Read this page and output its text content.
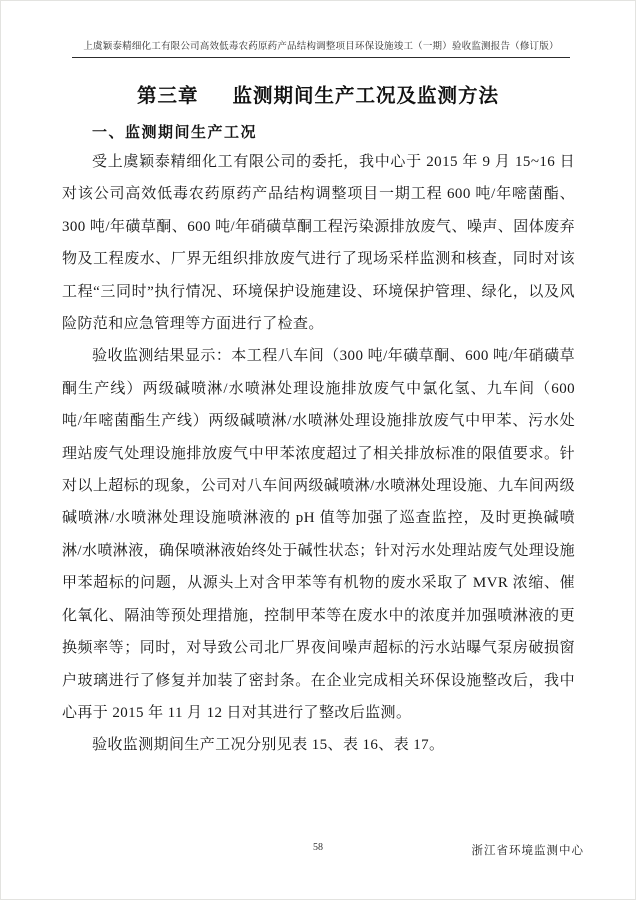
上虞颖泰精细化工有限公司高效低毒农药原药产品结构调整项目环保设施竣工（一期）验收监测报告（修订版）
第三章 监测期间生产工况及监测方法
一、监测期间生产工况

受上虞颖泰精细化工有限公司的委托，我中心于 2015 年 9 月 15~16 日对该公司高效低毒农药原药产品结构调整项目一期工程 600 吨/年嘧菌酯、300 吨/年磺草酮、600 吨/年硝磺草酮工程污染源排放废气、噪声、固体废弃物及工程废水、厂界无组织排放废气进行了现场采样监测和核查，同时对该工程“三同时”执行情况、环境保护设施建设、环境保护管理、绿化，以及风险防范和应急管理等方面进行了检查。

验收监测结果显示：本工程八车间（300 吨/年磺草酮、600 吨/年硝磺草酮生产线）两级碱喷淋/水喷淋处理设施排放废气中氯化氢、九车间（600 吨/年嘧菌酯生产线）两级碱喷淋/水喷淋处理设施排放废气中甲苯、污水处理站废气处理设施排放废气中甲苯浓度超过了相关排放标准的限值要求。针对以上超标的现象，公司对八车间两级碱喷淋/水喷淋处理设施、九车间两级碱喷淋/水喷淋处理设施喷淋液的 pH 值等加强了巡查监控，及时更换碱喷淋/水喷淋液，确保喷淋液始终处于碱性状态；针对污水处理站废气处理设施甲苯超标的问题，从源头上对含甲苯等有机物的废水采取了 MVR 浓缩、催化氧化、隔油等预处理措施，控制甲苯等在废水中的浓度并加强喷淋液的更换频率等；同时，对导致公司北厂界夜间噪声超标的污水站曝气泵房破损窗户玻璃进行了修复并加装了密封条。在企业完成相关环保设施整改后，我中心再于 2015 年 11 月 12 日对其进行了整改后监测。

验收监测期间生产工况分别见表 15、表 16、表 17。

58	浙江省环境监测中心
